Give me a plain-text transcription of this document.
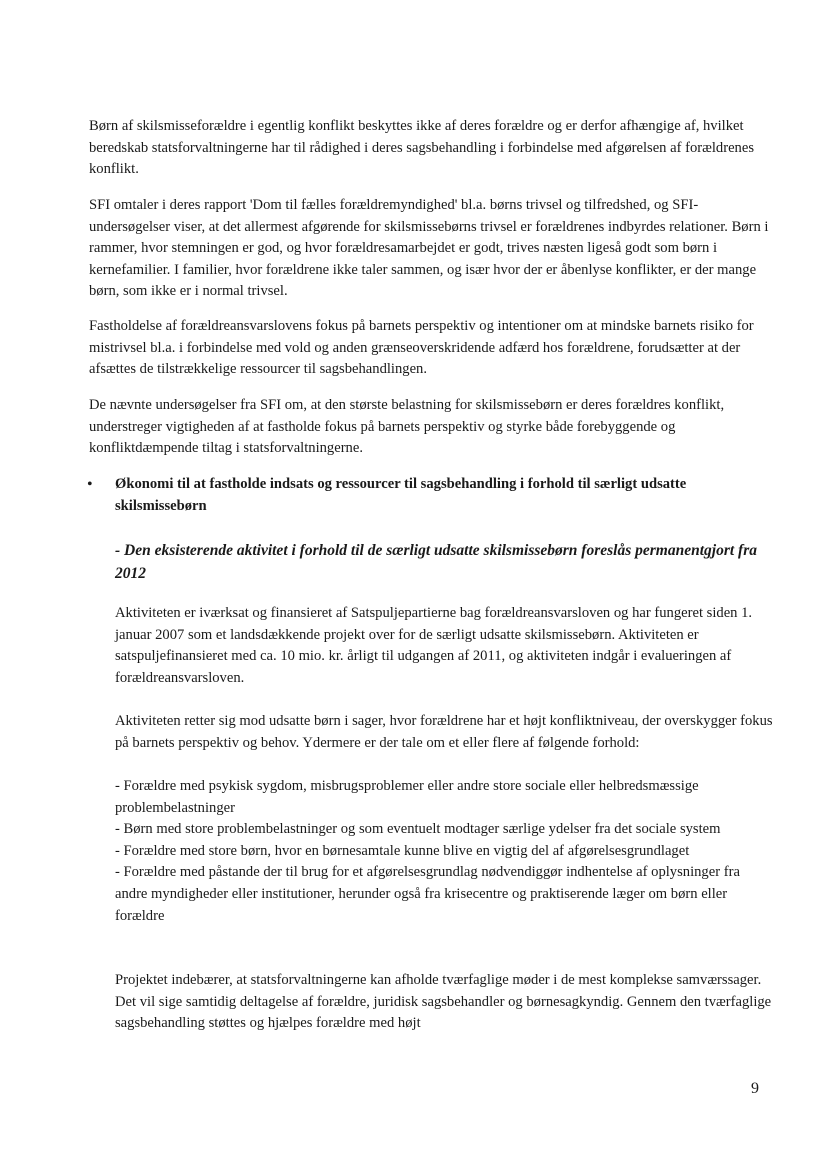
Børn af skilsmisseforældre i egentlig konflikt beskyttes ikke af deres forældre og er derfor afhængige af, hvilket beredskab statsforvaltningerne har til rådighed i deres sagsbehandling i forbindelse med afgørelsen af forældrenes konflikt.

SFI omtaler i deres rapport 'Dom til fælles forældremyndighed' bl.a. børns trivsel og tilfredshed, og SFI- undersøgelser viser, at det allermest afgørende for skilsmissebørns trivsel er forældrenes indbyrdes relationer. Børn i rammer, hvor stemningen er god, og hvor forældresamarbejdet er godt, trives næsten ligeså godt som børn i kernefamilier. I familier, hvor forældrene ikke taler sammen, og især hvor der er åbenlyse konflikter, er der mange børn, som ikke er i normal trivsel.

Fastholdelse af forældreansvarslovens fokus på barnets perspektiv og intentioner om at mindske barnets risiko for mistrivsel bl.a. i forbindelse med vold og anden grænseoverskridende adfærd hos forældrene, forudsætter at der afsættes de tilstrækkelige ressourcer til sagsbehandlingen.

De nævnte undersøgelser fra SFI om, at den største belastning for skilsmissebørn er deres forældres konflikt, understreger vigtigheden af at fastholde fokus på barnets perspektiv og styrke både forebyggende og konfliktdæmpende tiltag i statsforvaltningerne.

• Økonomi til at fastholde indsats og ressourcer til sagsbehandling i forhold til særligt udsatte skilsmissebørn

- Den eksisterende aktivitet i forhold til de særligt udsatte skilsmissebørn foreslås permanentgjort fra 2012

Aktiviteten er iværksat og finansieret af Satspuljepartierne bag forældreansvarsloven og har fungeret siden 1. januar 2007 som et landsdækkende projekt over for de særligt udsatte skilsmissebørn. Aktiviteten er satspuljefinansieret med ca. 10 mio. kr. årligt til udgangen af 2011, og aktiviteten indgår i evalueringen af forældreansvarsloven.

Aktiviteten retter sig mod udsatte børn i sager, hvor forældrene har et højt konfliktniveau, der overskygger fokus på barnets perspektiv og behov. Ydermere er der tale om et eller flere af følgende forhold:

- Forældre med psykisk sygdom, misbrugsproblemer eller andre store sociale eller helbredsmæssige problembelastninger
- Børn med store problembelastninger og som eventuelt modtager særlige ydelser fra det sociale system
- Forældre med store børn, hvor en børnesamtale kunne blive en vigtig del af afgørelsesgrundlaget
- Forældre med påstande der til brug for et afgørelsesgrundlag nødvendiggør indhentelse af oplysninger fra andre myndigheder eller institutioner, herunder også fra krisecentre og praktiserende læger om børn eller forældre

Projektet indebærer, at statsforvaltningerne kan afholde tværfaglige møder i de mest komplekse samværssager. Det vil sige samtidig deltagelse af forældre, juridisk sagsbehandler og børnesagkyndig. Gennem den tværfaglige sagsbehandling støttes og hjælpes forældre med højt

9
